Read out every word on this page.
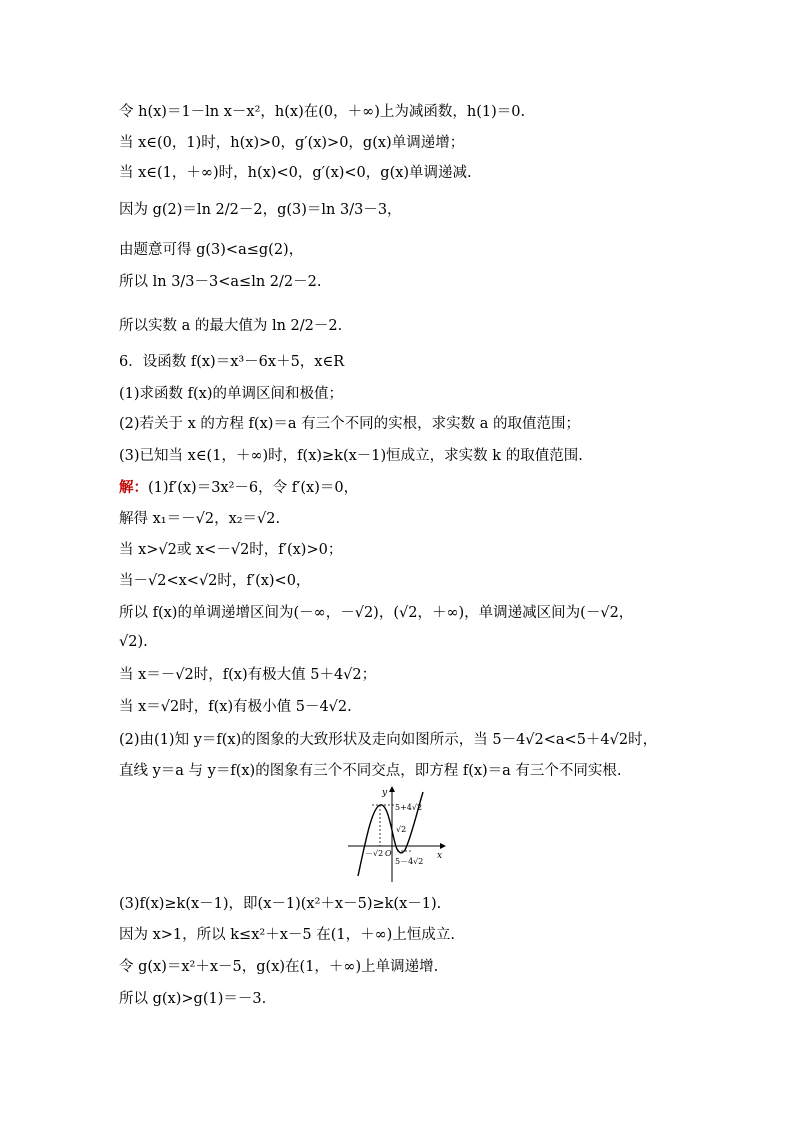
令 h(x)＝1－ln x－x²，h(x)在(0，＋∞)上为减函数，h(1)＝0.
当 x∈(0，1)时，h(x)>0，g′(x)>0，g(x)单调递增；
当 x∈(1，＋∞)时，h(x)<0，g′(x)<0，g(x)单调递减.
因为 g(2)＝ln 2/2－2，g(3)＝ln 3/3－3，
由题意可得 g(3)<a≤g(2)，
所以 ln 3/3－3<a≤ln 2/2－2.
所以实数 a 的最大值为 ln 2/2－2.
6．设函数 f(x)＝x³－6x＋5，x∈R
(1)求函数 f(x)的单调区间和极值；
(2)若关于 x 的方程 f(x)＝a 有三个不同的实根，求实数 a 的取值范围；
(3)已知当 x∈(1，＋∞)时，f(x)≥k(x－1)恒成立，求实数 k 的取值范围.
解：(1)f′(x)＝3x²－6，令 f′(x)＝0，
解得 x₁＝－√2，x₂＝√2.
当 x>√2或 x<－√2时，f′(x)>0；
当－√2<x<√2时，f′(x)<0，
所以 f(x)的单调递增区间为(－∞，－√2)，(√2，＋∞)，单调递减区间为(－√2，
√2).
当 x＝－√2时，f(x)有极大值 5＋4√2；
当 x＝√2时，f(x)有极小值 5－4√2.
(2)由(1)知 y＝f(x)的图象的大致形状及走向如图所示，当 5－4√2<a<5＋4√2时，
直线 y＝a 与 y＝f(x)的图象有三个不同交点，即方程 f(x)＝a 有三个不同实根.
y
x
5+4√2
√2
－√2 O
5－4√2
(3)f(x)≥k(x－1)，即(x－1)(x²＋x－5)≥k(x－1).
因为 x>1，所以 k≤x²＋x－5 在(1，＋∞)上恒成立.
令 g(x)＝x²＋x－5，g(x)在(1，＋∞)上单调递增.
所以 g(x)>g(1)＝－3.
